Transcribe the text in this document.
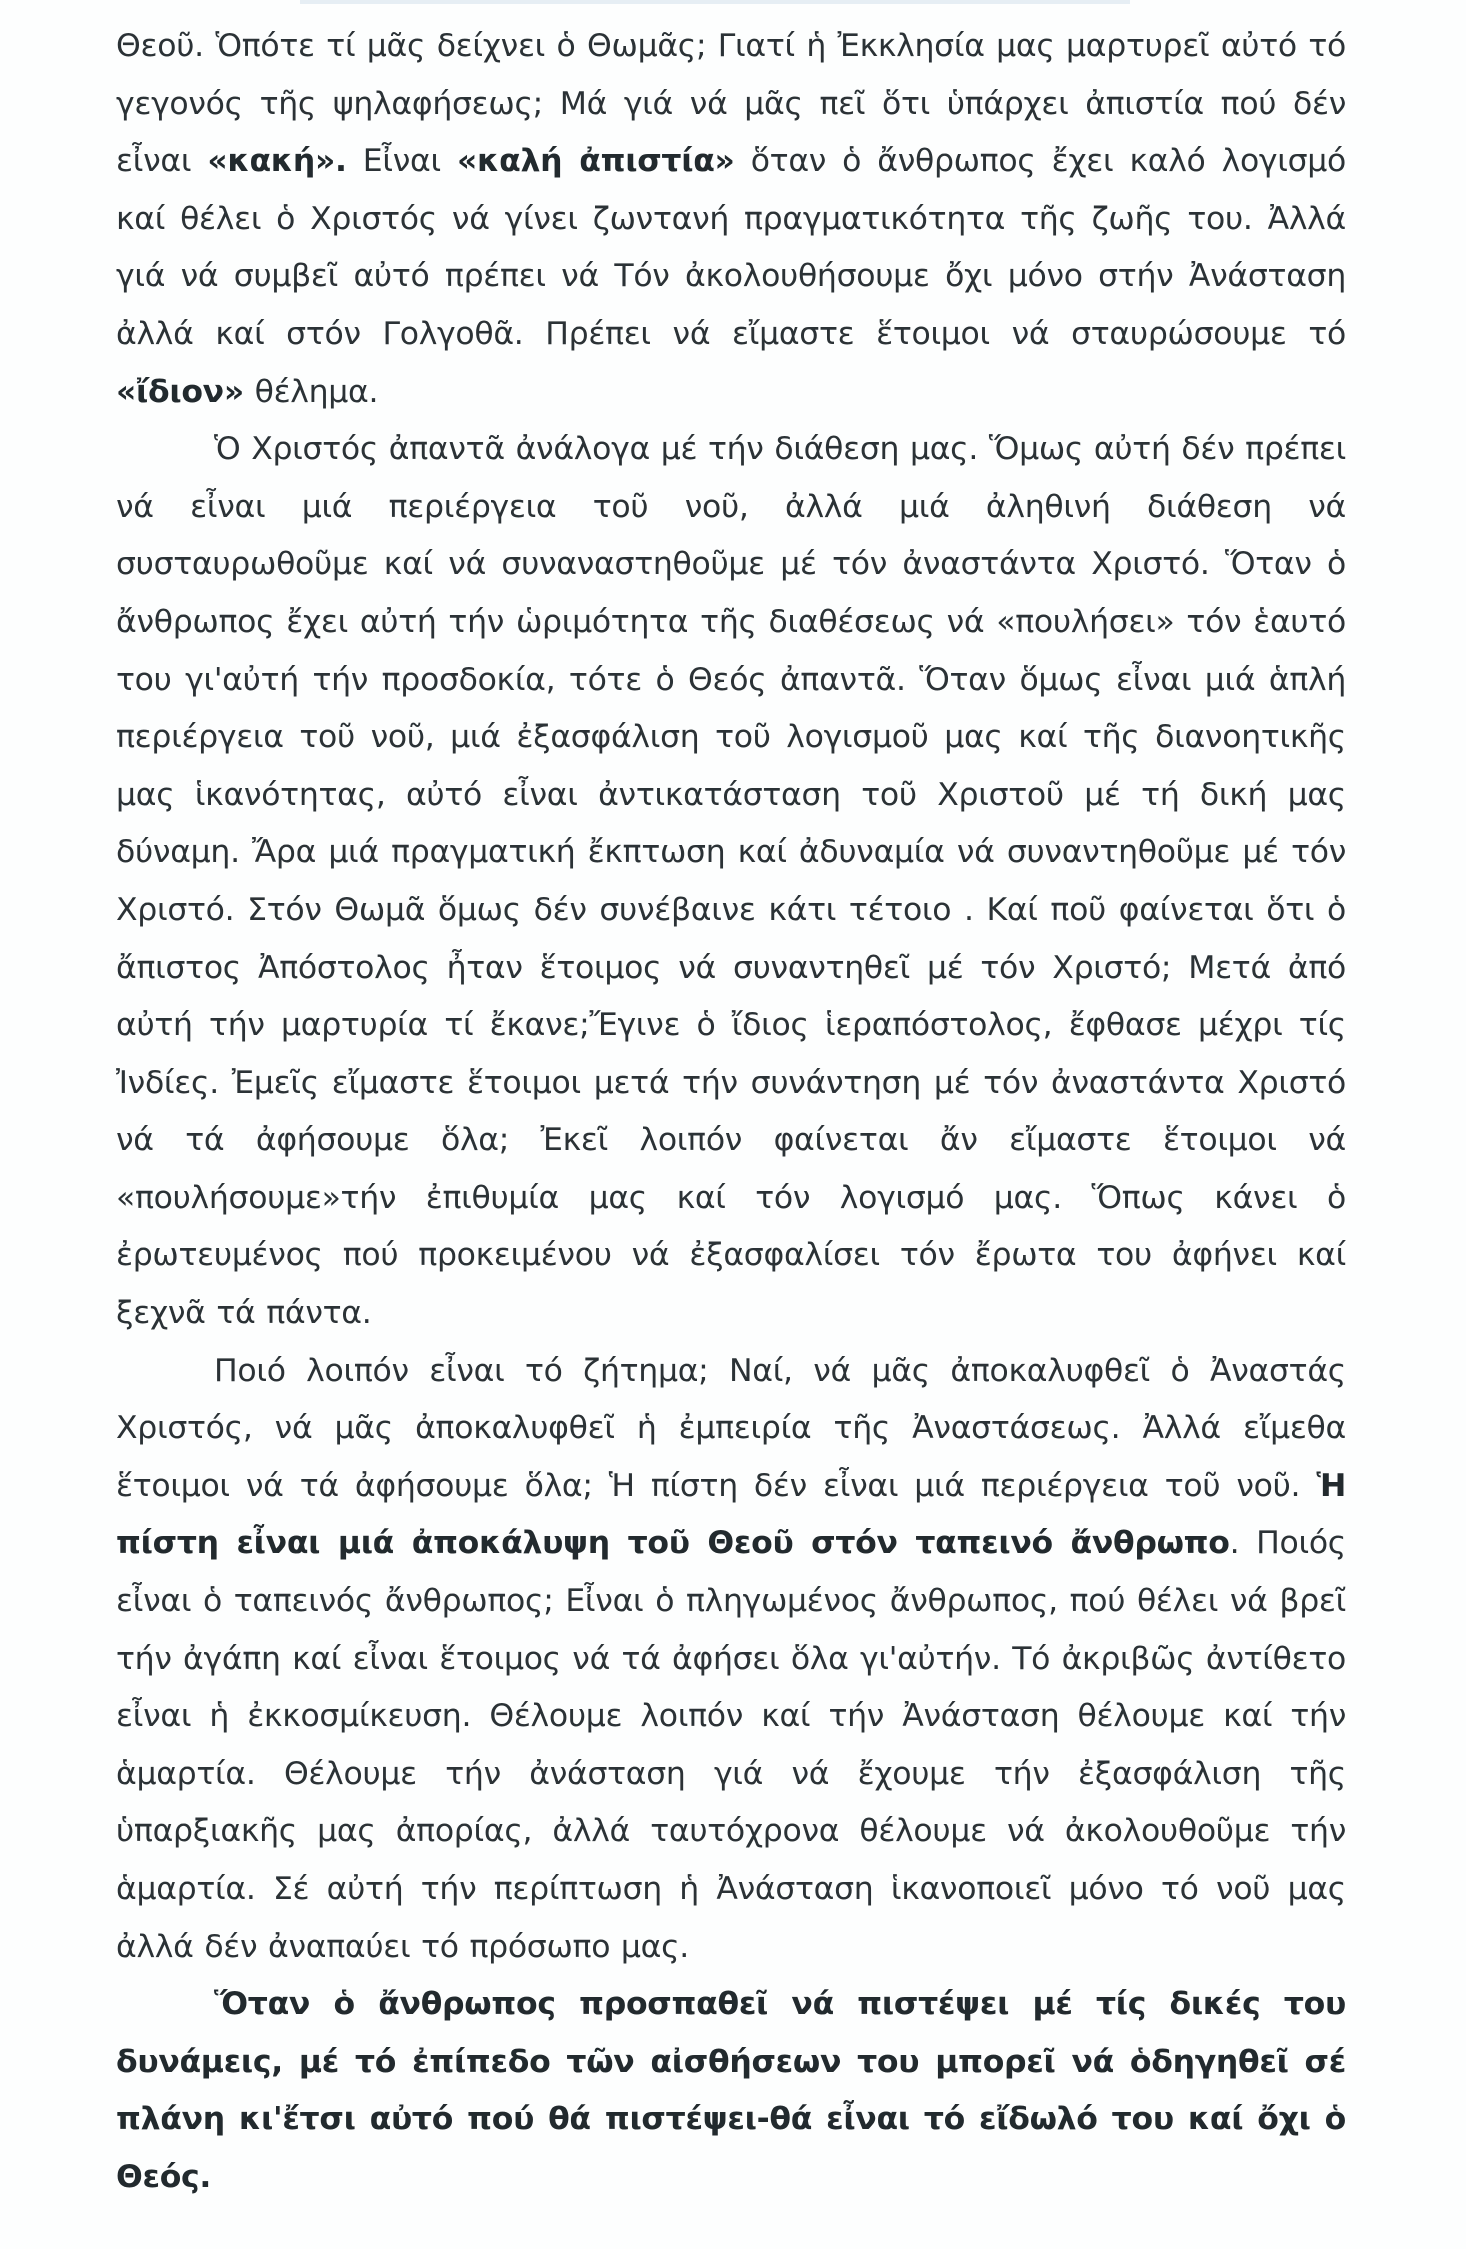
Θεοῦ. Ὁπότε τί μᾶς δείχνει ὁ Θωμᾶς; Γιατί ἡ Ἐκκλησία μας μαρτυρεῖ αὐτό τό γεγονός τῆς ψηλαφήσεως; Μά γιά νά μᾶς πεῖ ὅτι ὑπάρχει ἀπιστία πού δέν εἶναι «κακή». Εἶναι «καλή ἀπιστία» ὅταν ὁ ἄνθρωπος ἔχει καλό λογισμό καί θέλει ὁ Χριστός νά γίνει ζωντανή πραγματικότητα τῆς ζωῆς του. Ἀλλά γιά νά συμβεῖ αὐτό πρέπει νά Τόν ἀκολουθήσουμε ὄχι μόνο στήν Ἀνάσταση ἀλλά καί στόν Γολγοθᾶ. Πρέπει νά εἴμαστε ἕτοιμοι νά σταυρώσουμε τό «ἴδιον» θέλημα.

Ὁ Χριστός ἀπαντᾶ ἀνάλογα μέ τήν διάθεση μας. Ὅμως αὐτή δέν πρέπει νά εἶναι μιά περιέργεια τοῦ νοῦ, ἀλλά μιά ἀληθινή διάθεση νά συσταυρωθοῦμε καί νά συναναστηθοῦμε μέ τόν ἀναστάντα Χριστό. Ὅταν ὁ ἄνθρωπος ἔχει αὐτή τήν ὡριμότητα τῆς διαθέσεως νά «πουλήσει» τόν ἑαυτό του γι'αὐτή τήν προσδοκία, τότε ὁ Θεός ἀπαντᾶ. Ὅταν ὅμως εἶναι μιά ἁπλή περιέργεια τοῦ νοῦ, μιά ἐξασφάλιση τοῦ λογισμοῦ μας καί τῆς διανοητικῆς μας ἱκανότητας, αὐτό εἶναι ἀντικατάσταση τοῦ Χριστοῦ μέ τή δική μας δύναμη. Ἄρα μιά πραγματική ἔκπτωση καί ἀδυναμία νά συναντηθοῦμε μέ τόν Χριστό. Στόν Θωμᾶ ὅμως δέν συνέβαινε κάτι τέτοιο . Καί ποῦ φαίνεται ὅτι ὁ ἄπιστος Ἀπόστολος ἦταν ἕτοιμος νά συναντηθεῖ μέ τόν Χριστό; Μετά ἀπό αὐτή τήν μαρτυρία τί ἔκανε;Ἔγινε ὁ ἴδιος ἱεραπόστολος, ἔφθασε μέχρι τίς Ἰνδίες. Ἐμεῖς εἴμαστε ἕτοιμοι μετά τήν συνάντηση μέ τόν ἀναστάντα Χριστό νά τά ἀφήσουμε ὅλα; Ἐκεῖ λοιπόν φαίνεται ἄν εἴμαστε ἕτοιμοι νά «πουλήσουμε»τήν ἐπιθυμία μας καί τόν λογισμό μας. Ὅπως κάνει ὁ ἐρωτευμένος πού προκειμένου νά ἐξασφαλίσει τόν ἔρωτα του ἀφήνει καί ξεχνᾶ τά πάντα.

Ποιό λοιπόν εἶναι τό ζήτημα; Ναί, νά μᾶς ἀποκαλυφθεῖ ὁ Ἀναστάς Χριστός, νά μᾶς ἀποκαλυφθεῖ ἡ ἐμπειρία τῆς Ἀναστάσεως. Ἀλλά εἴμεθα ἕτοιμοι νά τά ἀφήσουμε ὅλα; Ἡ πίστη δέν εἶναι μιά περιέργεια τοῦ νοῦ. Ἡ πίστη εἶναι μιά ἀποκάλυψη τοῦ Θεοῦ στόν ταπεινό ἄνθρωπο. Ποιός εἶναι ὁ ταπεινός ἄνθρωπος; Εἶναι ὁ πληγωμένος ἄνθρωπος, πού θέλει νά βρεῖ τήν ἀγάπη καί εἶναι ἕτοιμος νά τά ἀφήσει ὅλα γι'αὐτήν. Τό ἀκριβῶς ἀντίθετο εἶναι ἡ ἐκκοσμίκευση. Θέλουμε λοιπόν καί τήν Ἀνάσταση θέλουμε καί τήν ἁμαρτία. Θέλουμε τήν ἀνάσταση γιά νά ἔχουμε τήν ἐξασφάλιση τῆς ὑπαρξιακῆς μας ἀπορίας, ἀλλά ταυτόχρονα θέλουμε νά ἀκολουθοῦμε τήν ἁμαρτία. Σέ αὐτή τήν περίπτωση ἡ Ἀνάσταση ἱκανοποιεῖ μόνο τό νοῦ μας ἀλλά δέν ἀναπαύει τό πρόσωπο μας.

Ὅταν ὁ ἄνθρωπος προσπαθεῖ νά πιστέψει μέ τίς δικές του δυνάμεις, μέ τό ἐπίπεδο τῶν αἰσθήσεων του μπορεῖ νά ὁδηγηθεῖ σέ πλάνη κι'ἔτσι αὐτό πού θά πιστέψει-θά εἶναι τό εἴδωλό του καί ὄχι ὁ Θεός.
